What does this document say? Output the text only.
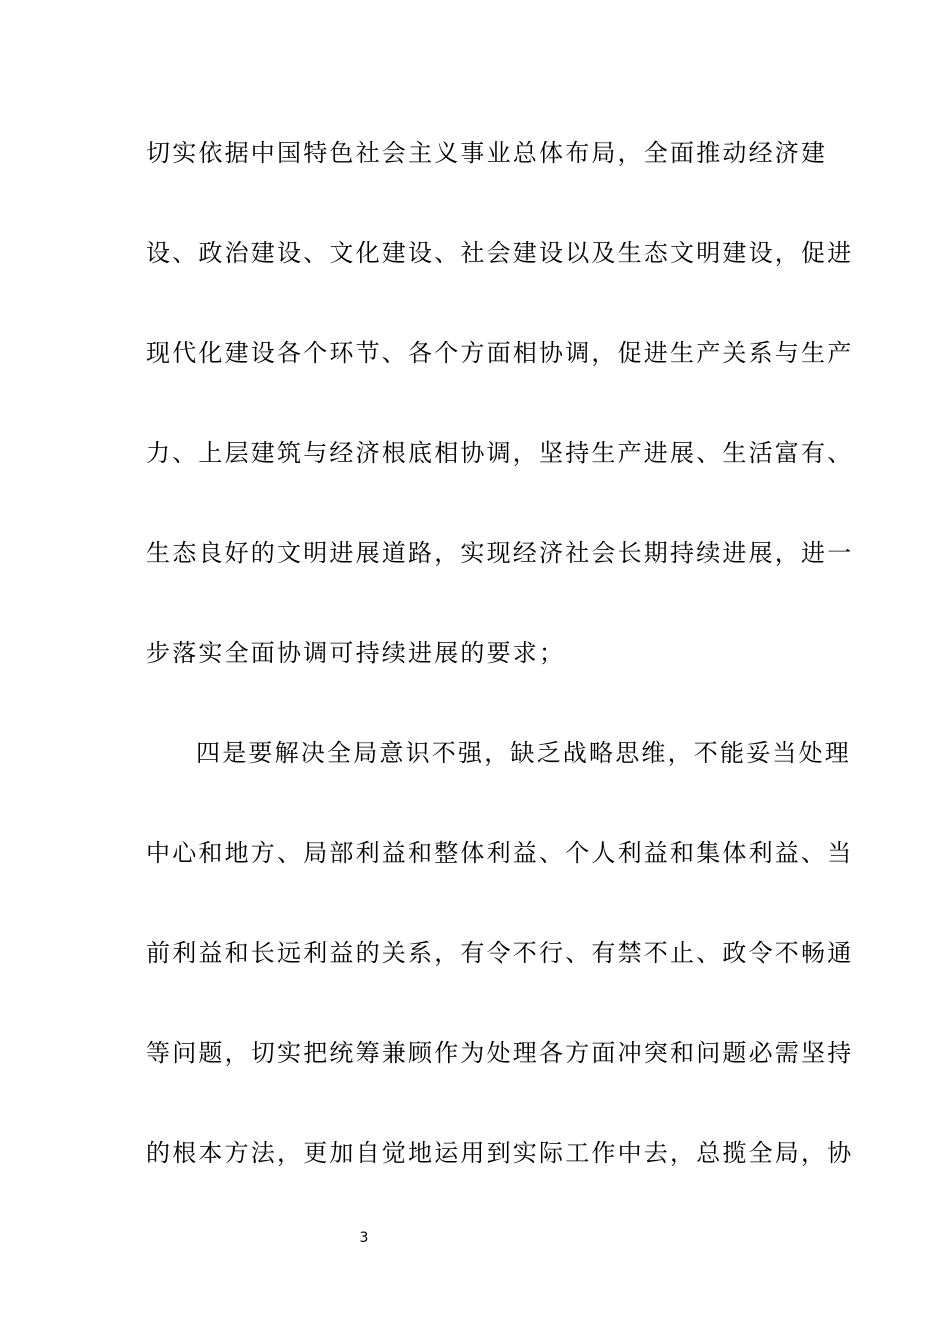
切实依据中国特色社会主义事业总体布局，全面推动经济建
设、政治建设、文化建设、社会建设以及生态文明建设，促进
现代化建设各个环节、各个方面相协调，促进生产关系与生产
力、上层建筑与经济根底相协调，坚持生产进展、生活富有、
生态良好的文明进展道路，实现经济社会长期持续进展，进一
步落实全面协调可持续进展的要求；
四是要解决全局意识不强，缺乏战略思维，不能妥当处理
中心和地方、局部利益和整体利益、个人利益和集体利益、当
前利益和长远利益的关系，有令不行、有禁不止、政令不畅通
等问题，切实把统筹兼顾作为处理各方面冲突和问题必需坚持
的根本方法，更加自觉地运用到实际工作中去，总揽全局，协
3
